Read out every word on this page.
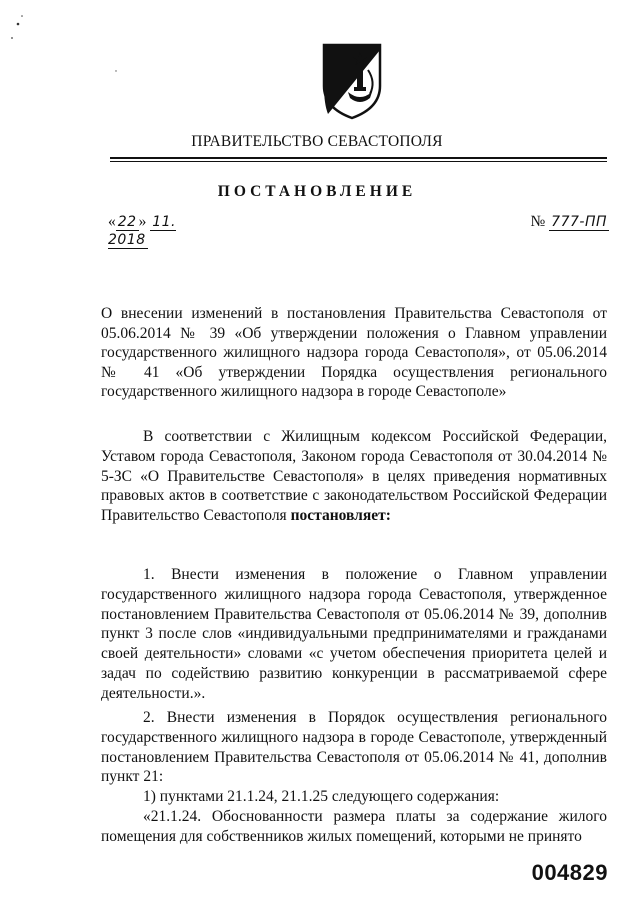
ПРАВИТЕЛЬСТВО СЕВАСТОПОЛЯ
ПОСТАНОВЛЕНИЕ
« 22 » 11. 2018
№ 777-ПП
О внесении изменений в постановления Правительства Севастополя от 05.06.2014 № 39 «Об утверждении положения о Главном управлении государственного жилищного надзора города Севастополя», от 05.06.2014 № 41 «Об утверждении Порядка осуществления регионального государственного жилищного надзора в городе Севастополе»

В соответствии с Жилищным кодексом Российской Федерации, Уставом города Севастополя, Законом города Севастополя от 30.04.2014 № 5-ЗС «О Правительстве Севастополя» в целях приведения нормативных правовых актов в соответствие с законодательством Российской Федерации Правительство Севастополя постановляет:

1. Внести изменения в положение о Главном управлении государственного жилищного надзора города Севастополя, утвержденное постановлением Правительства Севастополя от 05.06.2014 № 39, дополнив пункт 3 после слов «индивидуальными предпринимателями и гражданами своей деятельности» словами «с учетом обеспечения приоритета целей и задач по содействию развитию конкуренции в рассматриваемой сфере деятельности.».

2. Внести изменения в Порядок осуществления регионального государственного жилищного надзора в городе Севастополе, утвержденный постановлением Правительства Севастополя от 05.06.2014 № 41, дополнив пункт 21:

1) пунктами 21.1.24, 21.1.25 следующего содержания:

«21.1.24. Обоснованности размера платы за содержание жилого помещения для собственников жилых помещений, которыми не принято

004829
